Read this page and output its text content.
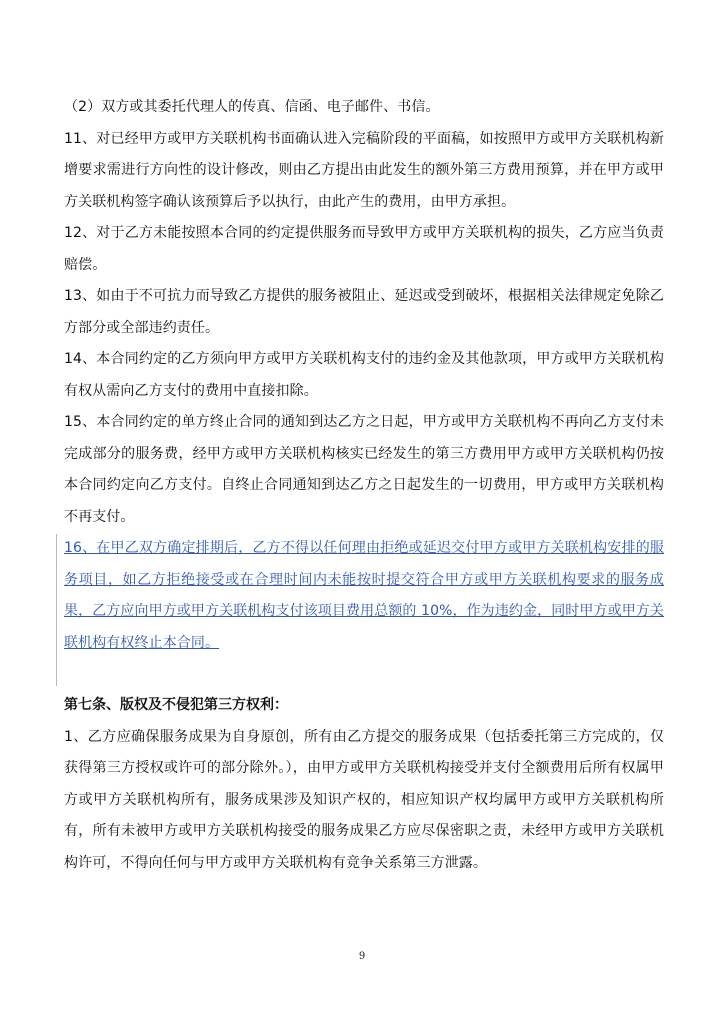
（2）双方或其委托代理人的传真、信函、电子邮件、书信。

11、对已经甲方或甲方关联机构书面确认进入完稿阶段的平面稿，如按照甲方或甲方关联机构新增要求需进行方向性的设计修改，则由乙方提出由此发生的额外第三方费用预算，并在甲方或甲方关联机构签字确认该预算后予以执行，由此产生的费用，由甲方承担。

12、对于乙方未能按照本合同的约定提供服务而导致甲方或甲方关联机构的损失，乙方应当负责赔偿。

13、如由于不可抗力而导致乙方提供的服务被阻止、延迟或受到破坏，根据相关法律规定免除乙方部分或全部违约责任。

14、本合同约定的乙方须向甲方或甲方关联机构支付的违约金及其他款项，甲方或甲方关联机构有权从需向乙方支付的费用中直接扣除。

15、本合同约定的单方终止合同的通知到达乙方之日起，甲方或甲方关联机构不再向乙方支付未完成部分的服务费，经甲方或甲方关联机构核实已经发生的第三方费用甲方或甲方关联机构仍按本合同约定向乙方支付。自终止合同通知到达乙方之日起发生的一切费用，甲方或甲方关联机构不再支付。

16、在甲乙双方确定排期后，乙方不得以任何理由拒绝或延迟交付甲方或甲方关联机构安排的服务项目，如乙方拒绝接受或在合理时间内未能按时提交符合甲方或甲方关联机构要求的服务成果，乙方应向甲方或甲方关联机构支付该项目费用总额的 10%，作为违约金，同时甲方或甲方关联机构有权终止本合同。

第七条、版权及不侵犯第三方权利：

1、乙方应确保服务成果为自身原创，所有由乙方提交的服务成果（包括委托第三方完成的，仅获得第三方授权或许可的部分除外。），由甲方或甲方关联机构接受并支付全额费用后所有权属甲方或甲方关联机构所有，服务成果涉及知识产权的，相应知识产权均属甲方或甲方关联机构所有，所有未被甲方或甲方关联机构接受的服务成果乙方应尽保密职之责，未经甲方或甲方关联机构许可，不得向任何与甲方或甲方关联机构有竞争关系第三方泄露。

9
